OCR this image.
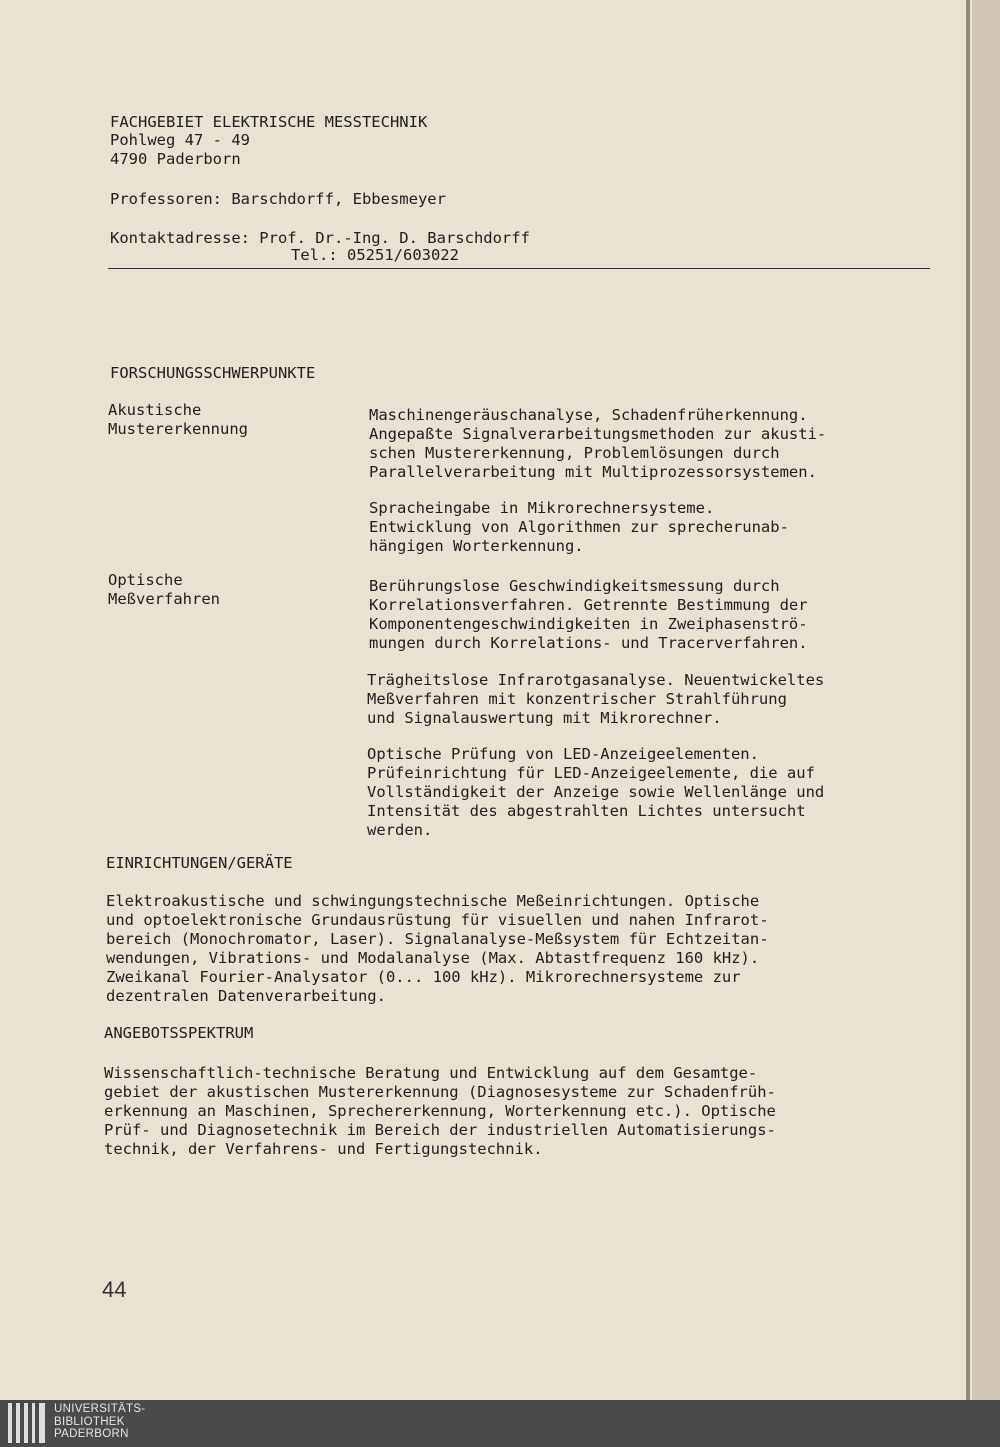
FACHGEBIET ELEKTRISCHE MESSTECHNIK
Pohlweg 47 - 49
4790 Paderborn
Professoren: Barschdorff, Ebbesmeyer
Kontaktadresse: Prof. Dr.-Ing. D. Barschdorff
Tel.: 05251/603022
FORSCHUNGSSCHWERPUNKTE
Akustische
Mustererkennung
Maschinengeräuschanalyse, Schadenfrüherkennung.
Angepaßte Signalverarbeitungsmethoden zur akusti-
schen Mustererkennung, Problemlösungen durch
Parallelverarbeitung mit Multiprozessorsystemen.
Spracheingabe in Mikrorechnersysteme.
Entwicklung von Algorithmen zur sprecherunab-
hängigen Worterkennung.
Optische
Meßverfahren
Berührungslose Geschwindigkeitsmessung durch
Korrelationsverfahren. Getrennte Bestimmung der
Komponentengeschwindigkeiten in Zweiphasenströ-
mungen durch Korrelations- und Tracerverfahren.
Trägheitslose Infrarotgasanalyse. Neuentwickeltes
Meßverfahren mit konzentrischer Strahlführung
und Signalauswertung mit Mikrorechner.
Optische Prüfung von LED-Anzeigeelementen.
Prüfeinrichtung für LED-Anzeigeelemente, die auf
Vollständigkeit der Anzeige sowie Wellenlänge und
Intensität des abgestrahlten Lichtes untersucht
werden.
EINRICHTUNGEN/GERÄTE
Elektroakustische und schwingungstechnische Meßeinrichtungen. Optische
und optoelektronische Grundausrüstung für visuellen und nahen Infrarot-
bereich (Monochromator, Laser). Signalanalyse-Meßsystem für Echtzeitan-
wendungen, Vibrations- und Modalanalyse (Max. Abtastfrequenz 160 kHz).
Zweikanal Fourier-Analysator (0... 100 kHz). Mikrorechnersysteme zur
dezentralen Datenverarbeitung.
ANGEBOTSSPEKTRUM
Wissenschaftlich-technische Beratung und Entwicklung auf dem Gesamtge-
gebiet der akustischen Mustererkennung (Diagnosesysteme zur Schadenfrüh-
erkennung an Maschinen, Sprechererkennung, Worterkennung etc.). Optische
Prüf- und Diagnosetechnik im Bereich der industriellen Automatisierungs-
technik, der Verfahrens- und Fertigungstechnik.
44
UNIVERSITÄTS-
BIBLIOTHEK
PADERBORN
